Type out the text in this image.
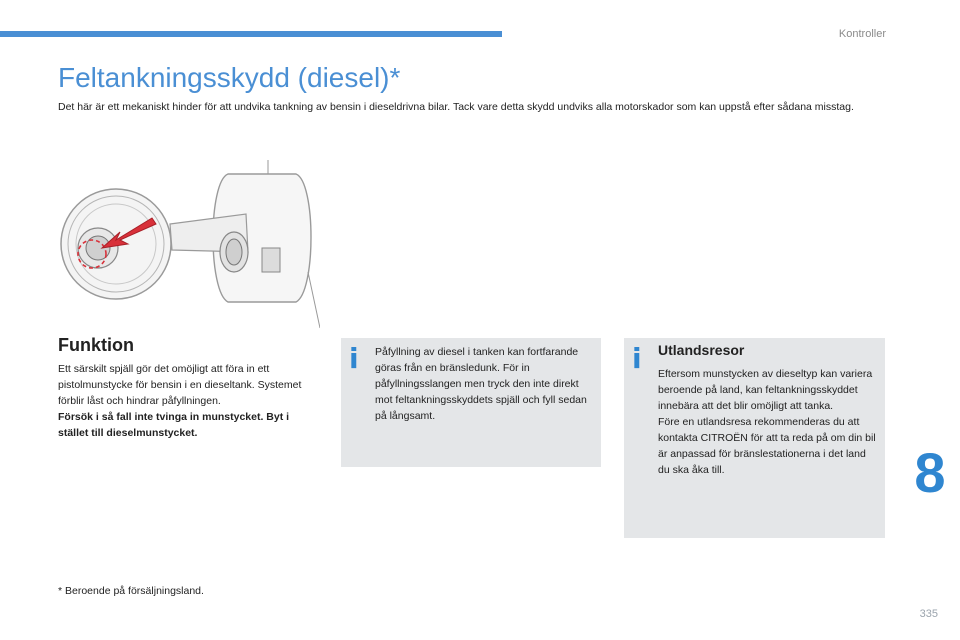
Kontroller
Feltankningsskydd (diesel)*

Det här är ett mekaniskt hinder för att undvika tankning av bensin i dieseldrivna bilar. Tack vare detta skydd undviks alla motorskador som kan uppstå efter sådana misstag.

Funktion
Ett särskilt spjäll gör det omöjligt att föra in ett pistolmunstycke för bensin i en dieseltank. Systemet förblir låst och hindrar påfyllningen.
Försök i så fall inte tvinga in munstycket. Byt i stället till dieselmunstycket.
i Påfyllning av diesel i tanken kan fortfarande göras från en bränsledunk. För in påfyllningsslangen men tryck den inte direkt mot feltankningsskyddets spjäll och fyll sedan på långsamt.
i Utlandsresor
Eftersom munstycken av dieseltyp kan variera beroende på land, kan feltankningsskyddet innebära att det blir omöjligt att tanka.
Före en utlandsresa rekommenderas du att kontakta CITROËN för att ta reda på om din bil är anpassad för bränslestationerna i det land du ska åka till.
* Beroende på försäljningsland.
8
335
